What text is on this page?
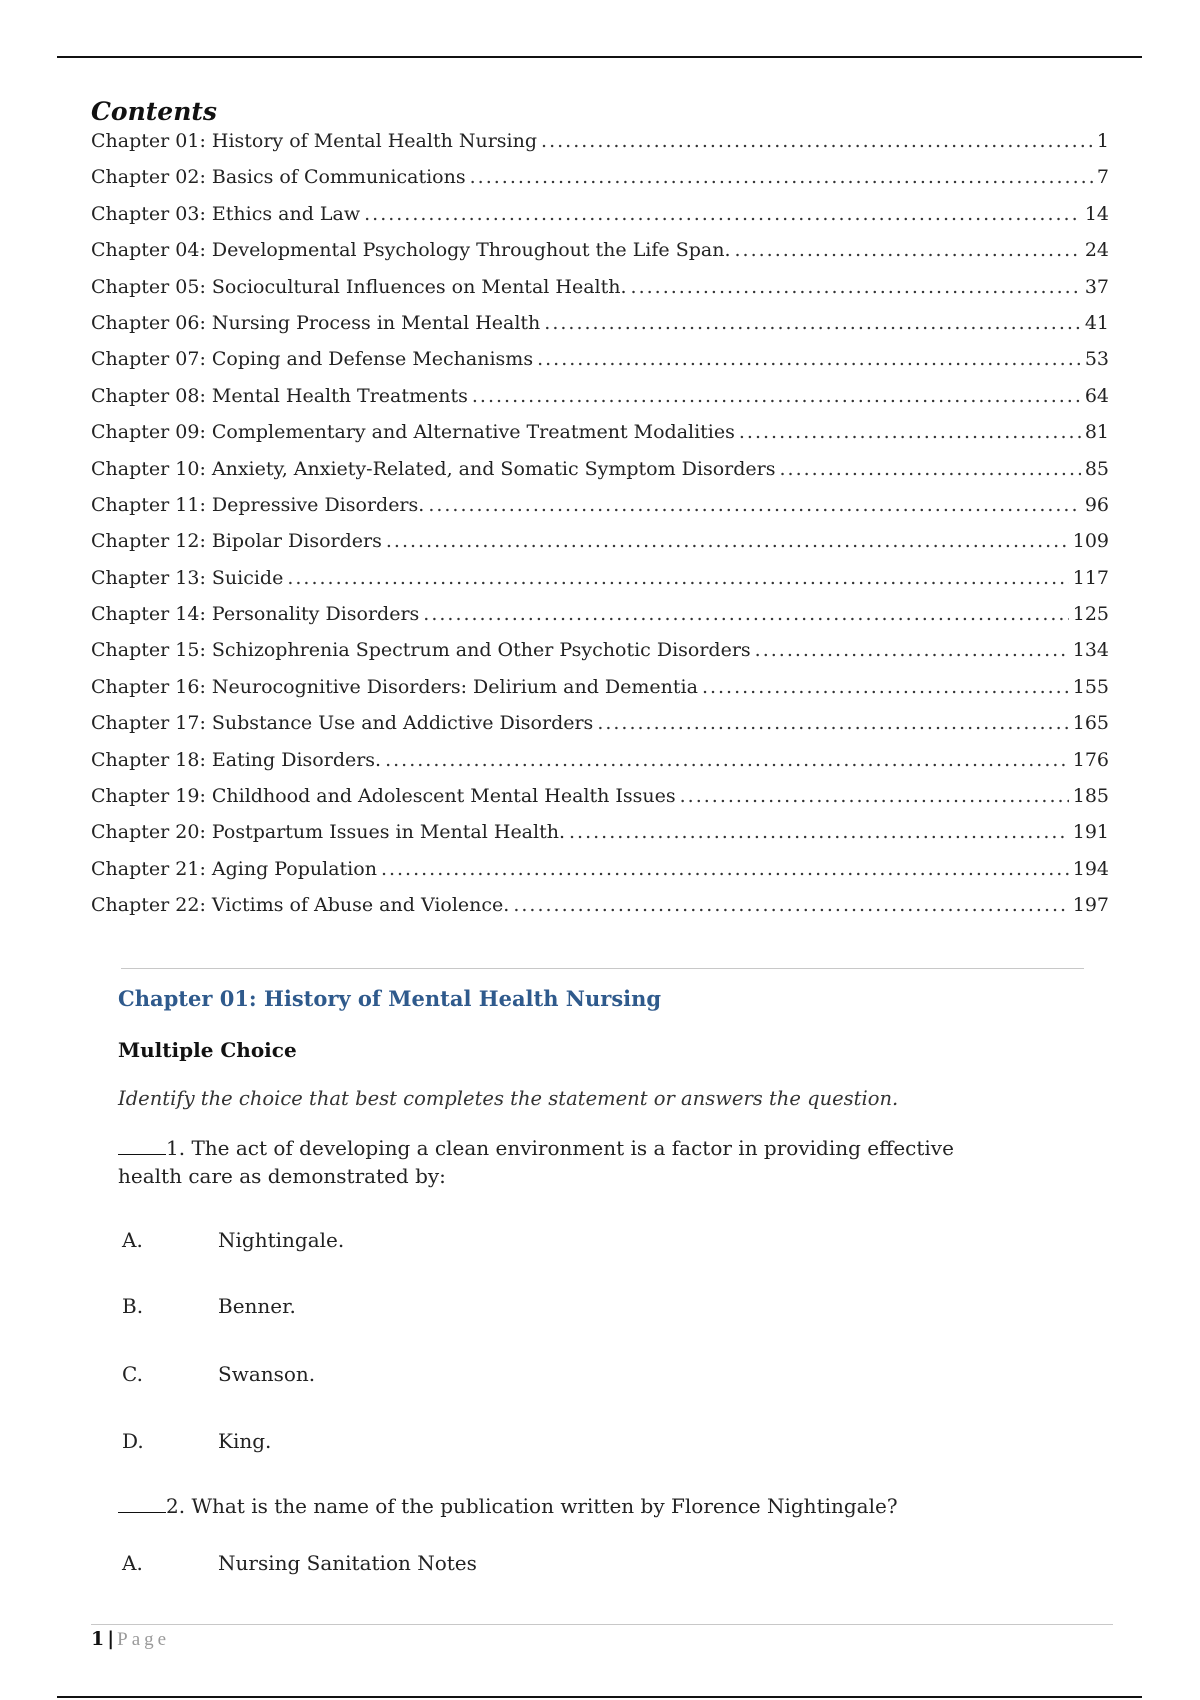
Contents
Chapter 01: History of Mental Health Nursing .....	1
Chapter 02: Basics of Communications .....	7
Chapter 03: Ethics and Law .....	14
Chapter 04: Developmental Psychology Throughout the Life Span. .....	24
Chapter 05: Sociocultural Influences on Mental Health. .....	37
Chapter 06: Nursing Process in Mental Health .....	41
Chapter 07: Coping and Defense Mechanisms .....	53
Chapter 08: Mental Health Treatments .....	64
Chapter 09: Complementary and Alternative Treatment Modalities .....	81
Chapter 10: Anxiety, Anxiety-Related, and Somatic Symptom Disorders .....	85
Chapter 11: Depressive Disorders. .....	96
Chapter 12: Bipolar Disorders .....	109
Chapter 13: Suicide .....	117
Chapter 14: Personality Disorders .....	125
Chapter 15: Schizophrenia Spectrum and Other Psychotic Disorders .....	134
Chapter 16: Neurocognitive Disorders: Delirium and Dementia .....	155
Chapter 17: Substance Use and Addictive Disorders .....	165
Chapter 18: Eating Disorders. .....	176
Chapter 19: Childhood and Adolescent Mental Health Issues .....	185
Chapter 20: Postpartum Issues in Mental Health. .....	191
Chapter 21: Aging Population .....	194
Chapter 22: Victims of Abuse and Violence. .....	197
Chapter 01: History of Mental Health Nursing
Multiple Choice
Identify the choice that best completes the statement or answers the question.
1. The act of developing a clean environment is a factor in providing effective health care as demonstrated by:
A.	Nightingale.
B.	Benner.
C.	Swanson.
D.	King.
2. What is the name of the publication written by Florence Nightingale?
A.	Nursing Sanitation Notes
1 | Page
